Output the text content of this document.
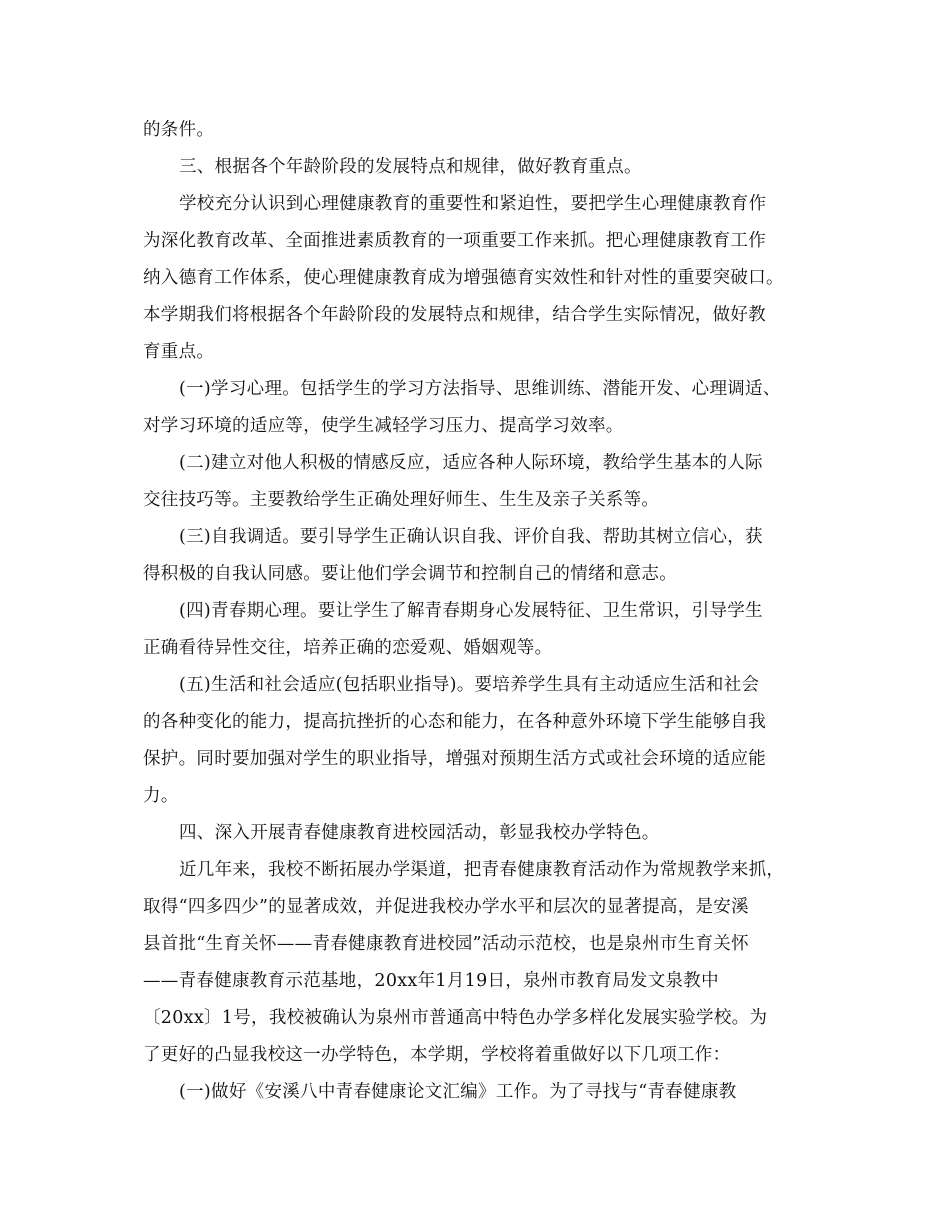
的条件。
三、根据各个年龄阶段的发展特点和规律，做好教育重点。
学校充分认识到心理健康教育的重要性和紧迫性，要把学生心理健康教育作
为深化教育改革、全面推进素质教育的一项重要工作来抓。把心理健康教育工作
纳入德育工作体系，使心理健康教育成为增强德育实效性和针对性的重要突破口。
本学期我们将根据各个年龄阶段的发展特点和规律，结合学生实际情况，做好教
育重点。
(一)学习心理。包括学生的学习方法指导、思维训练、潜能开发、心理调适、
对学习环境的适应等，使学生减轻学习压力、提高学习效率。
(二)建立对他人积极的情感反应，适应各种人际环境，教给学生基本的人际
交往技巧等。主要教给学生正确处理好师生、生生及亲子关系等。
(三)自我调适。要引导学生正确认识自我、评价自我、帮助其树立信心，获
得积极的自我认同感。要让他们学会调节和控制自己的情绪和意志。
(四)青春期心理。要让学生了解青春期身心发展特征、卫生常识，引导学生
正确看待异性交往，培养正确的恋爱观、婚姻观等。
(五)生活和社会适应(包括职业指导)。要培养学生具有主动适应生活和社会
的各种变化的能力，提高抗挫折的心态和能力，在各种意外环境下学生能够自我
保护。同时要加强对学生的职业指导，增强对预期生活方式或社会环境的适应能
力。
四、深入开展青春健康教育进校园活动，彰显我校办学特色。
近几年来，我校不断拓展办学渠道，把青春健康教育活动作为常规教学来抓，
取得“四多四少”的显著成效，并促进我校办学水平和层次的显著提高，是安溪
县首批“生育关怀——青春健康教育进校园”活动示范校，也是泉州市生育关怀
——青春健康教育示范基地，20xx年1月19日，泉州市教育局发文泉教中
〔20xx〕1号，我校被确认为泉州市普通高中特色办学多样化发展实验学校。为
了更好的凸显我校这一办学特色，本学期，学校将着重做好以下几项工作：
(一)做好《安溪八中青春健康论文汇编》工作。为了寻找与“青春健康教
